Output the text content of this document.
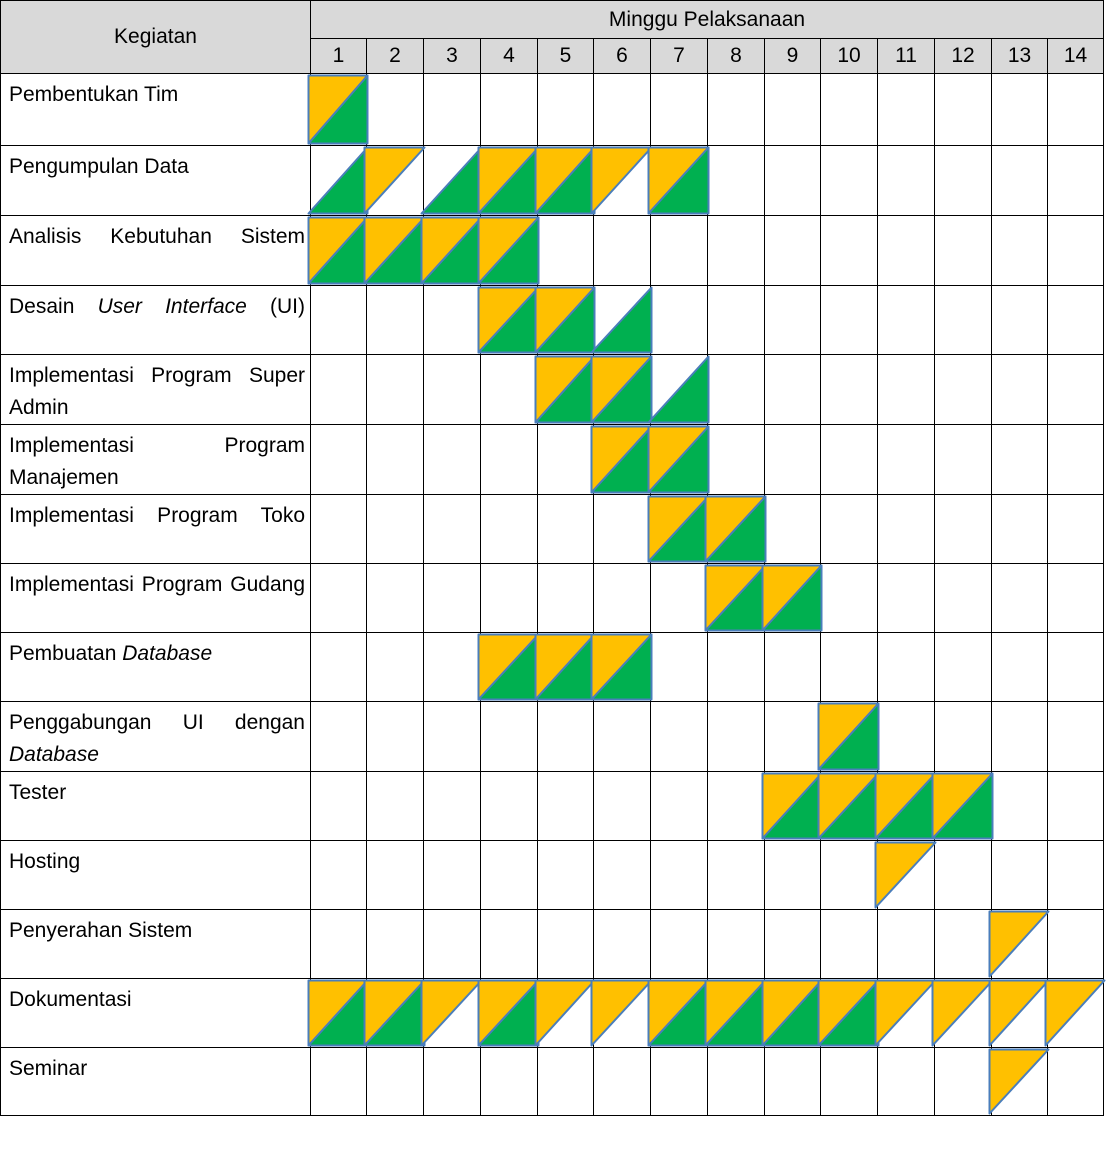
Kegiatan	Minggu Pelaksanaan													
	1	2	3	4	5	6	7	8	9	10	11	12	13	14
Pembentukan Tim														
Pengumpulan Data														
Analisis Kebutuhan Sistem														
Desain User Interface (UI)														
Implementasi Program Super Admin														
Implementasi Program Manajemen														
Implementasi Program Toko														
Implementasi Program Gudang														
Pembuatan Database														
Penggabungan UI dengan Database														
Tester														
Hosting														
Penyerahan Sistem														
Dokumentasi														
Seminar														
